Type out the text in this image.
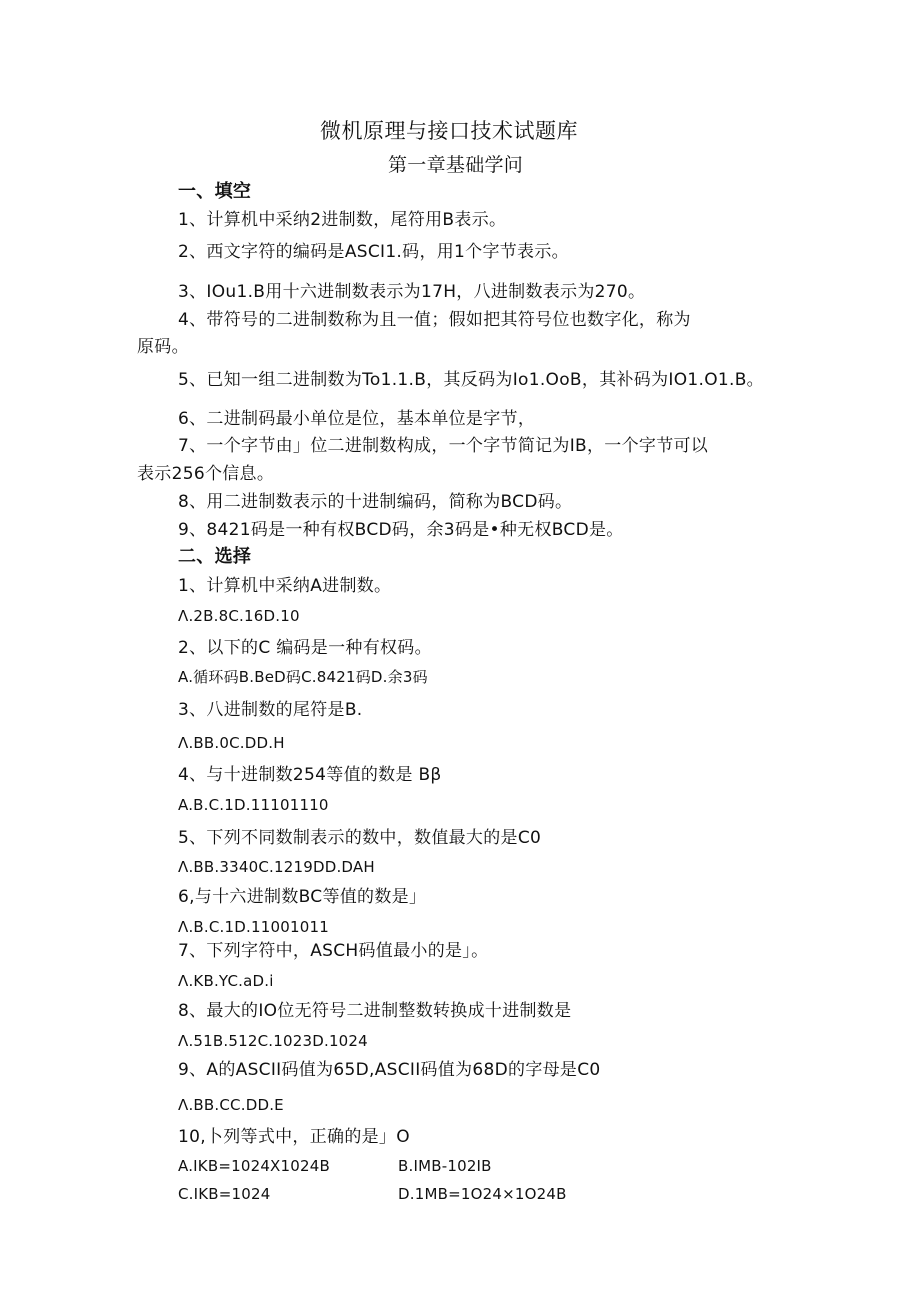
微机原理与接口技术试题库
第一章基础学问
一、填空
1、计算机中采纳2进制数，尾符用B表示。
2、西文字符的编码是ASCI1.码，用1个字节表示。
3、IOu1.B用十六进制数表示为17H，八进制数表示为270。
4、带符号的二进制数称为且一值；假如把其符号位也数字化，称为
原码。
5、已知一组二进制数为To1.1.B，其反码为Io1.OoB，其补码为IO1.O1.B。
6、二进制码最小单位是位，基本单位是字节，
7、一个字节由」位二进制数构成，一个字节简记为IB，一个字节可以
表示256个信息。
8、用二进制数表示的十进制编码，简称为BCD码。
9、8421码是一种有权BCD码，余3码是•种无权BCD是。
二、选择
1、计算机中采纳A进制数。
Λ.2B.8C.16D.10
2、以下的C 编码是一种有权码。
A.循环码B.BeD码C.8421码D.余3码
3、八进制数的尾符是B.
Λ.BB.0C.DD.H
4、与十进制数254等值的数是 Bβ
A.B.C.1D.11101110
5、下列不同数制表示的数中，数值最大的是C0
Λ.BB.3340C.1219DD.DAH
6,与十六进制数BC等值的数是」
Λ.B.C.1D.11001011
7、下列字符中，ASCH码值最小的是」。
Λ.KB.YC.aD.i
8、最大的IO位无符号二进制整数转换成十进制数是
Λ.51B.512C.1023D.1024
9、A的ASCII码值为65D,ASCII码值为68D的字母是C0
Λ.BB.CC.DD.E
10,卜列等式中，正确的是」O
A.IKB=1024X1024B	B.IMB-102IB
C.IKB=1024	D.1MB=1O24×1O24B
